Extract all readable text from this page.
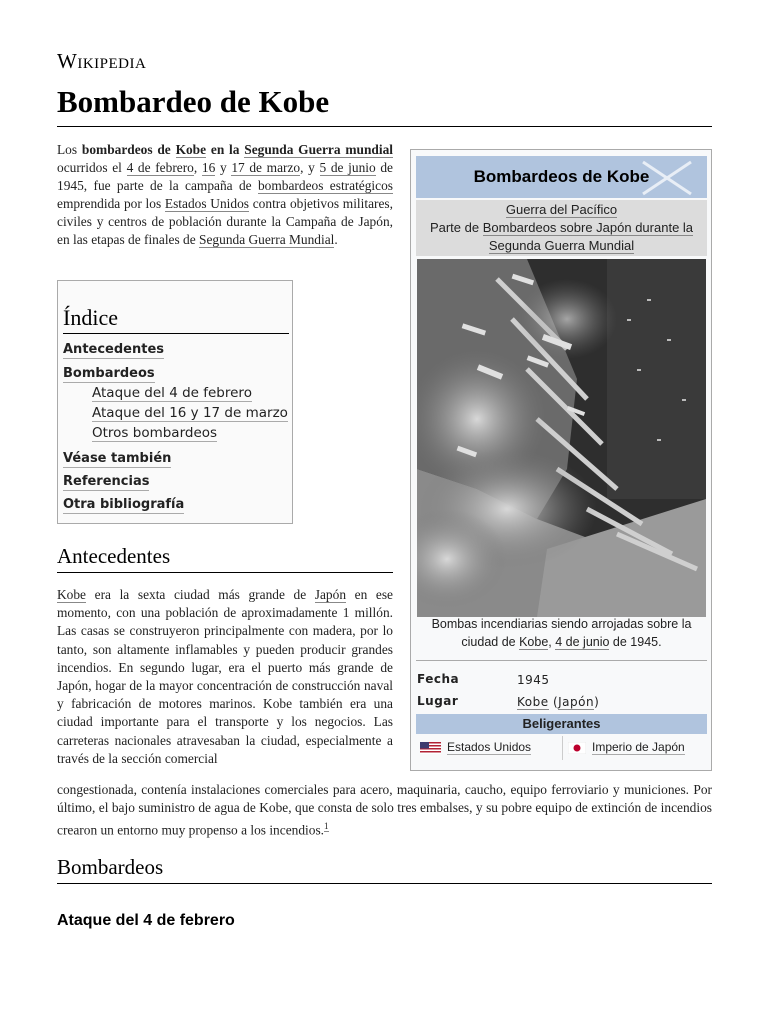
Wikipedia
Bombardeo de Kobe
Los bombardeos de Kobe en la Segunda Guerra mundial ocurridos el 4 de febrero, 16 y 17 de marzo, y 5 de junio de 1945, fue parte de la campaña de bombardeos estratégicos emprendida por los Estados Unidos contra objetivos militares, civiles y centros de población durante la Campaña de Japón, en las etapas de finales de Segunda Guerra Mundial.
Índice
Antecedentes
Bombardeos
Ataque del 4 de febrero
Ataque del 16 y 17 de marzo
Otros bombardeos
Véase también
Referencias
Otra bibliografía
Antecedentes
Kobe era la sexta ciudad más grande de Japón en ese momento, con una población de aproximadamente 1 millón. Las casas se construyeron principalmente con madera, por lo tanto, son altamente inflamables y pueden producir grandes incendios. En segundo lugar, era el puerto más grande de Japón, hogar de la mayor concentración de construcción naval y fabricación de motores marinos. Kobe también era una ciudad importante para el transporte y los negocios. Las carreteras nacionales atravesaban la ciudad, especialmente a través de la sección comercial
congestionada, contenía instalaciones comerciales para acero, maquinaria, caucho, equipo ferroviario y municiones. Por último, el bajo suministro de agua de Kobe, que consta de solo tres embalses, y su pobre equipo de extinción de incendios crearon un entorno muy propenso a los incendios.$^1$
Bombardeos
Ataque del 4 de febrero
Bombardeos de Kobe
Guerra del Pacífico
Parte de Bombardeos sobre Japón durante la Segunda Guerra Mundial
Bombas incendiarias siendo arrojadas sobre la ciudad de Kobe, 4 de junio de 1945.
Fecha	1945
Lugar	Kobe (Japón)
Beligerantes
Estados Unidos	Imperio de Japón
